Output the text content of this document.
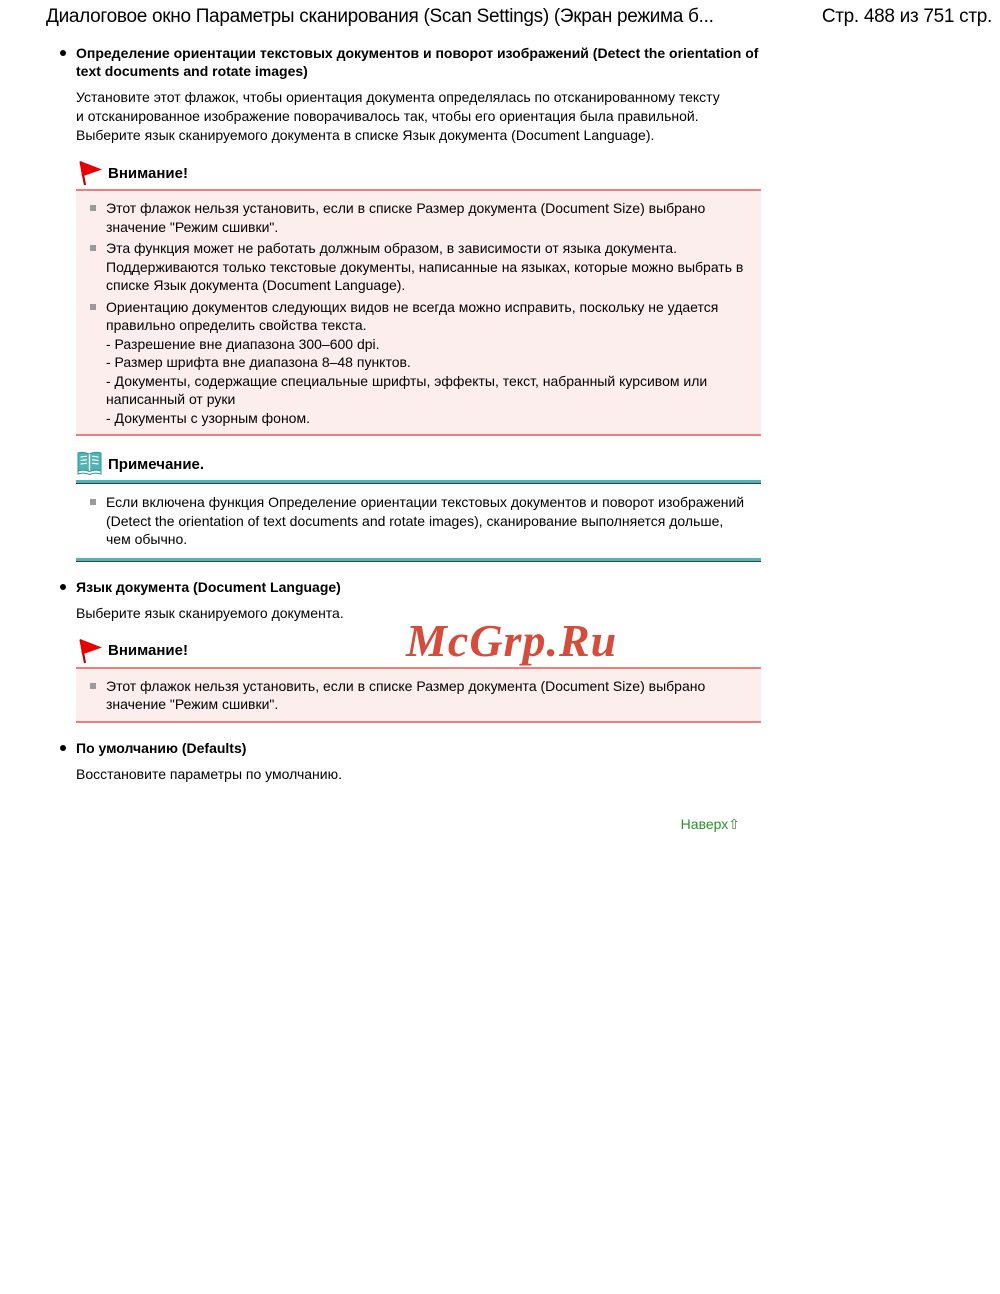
Диалоговое окно Параметры сканирования (Scan Settings) (Экран режима б...	Стр. 488 из 751 стр.
Определение ориентации текстовых документов и поворот изображений (Detect the orientation of text documents and rotate images)

Установите этот флажок, чтобы ориентация документа определялась по отсканированному тексту и отсканированное изображение поворачивалось так, чтобы его ориентация была правильной. Выберите язык сканируемого документа в списке Язык документа (Document Language).

Внимание!
Этот флажок нельзя установить, если в списке Размер документа (Document Size) выбрано значение "Режим сшивки".
Эта функция может не работать должным образом, в зависимости от языка документа. Поддерживаются только текстовые документы, написанные на языках, которые можно выбрать в списке Язык документа (Document Language).
Ориентацию документов следующих видов не всегда можно исправить, поскольку не удается правильно определить свойства текста.
- Разрешение вне диапазона 300–600 dpi.
- Размер шрифта вне диапазона 8–48 пунктов.
- Документы, содержащие специальные шрифты, эффекты, текст, набранный курсивом или написанный от руки
- Документы с узорным фоном.
Примечание.
Если включена функция Определение ориентации текстовых документов и поворот изображений (Detect the orientation of text documents and rotate images), сканирование выполняется дольше, чем обычно.
Язык документа (Document Language)

Выберите язык сканируемого документа.

Внимание!
Этот флажок нельзя установить, если в списке Размер документа (Document Size) выбрано значение "Режим сшивки".
По умолчанию (Defaults)

Восстановите параметры по умолчанию.

Наверх⇧
McGrp.Ru
